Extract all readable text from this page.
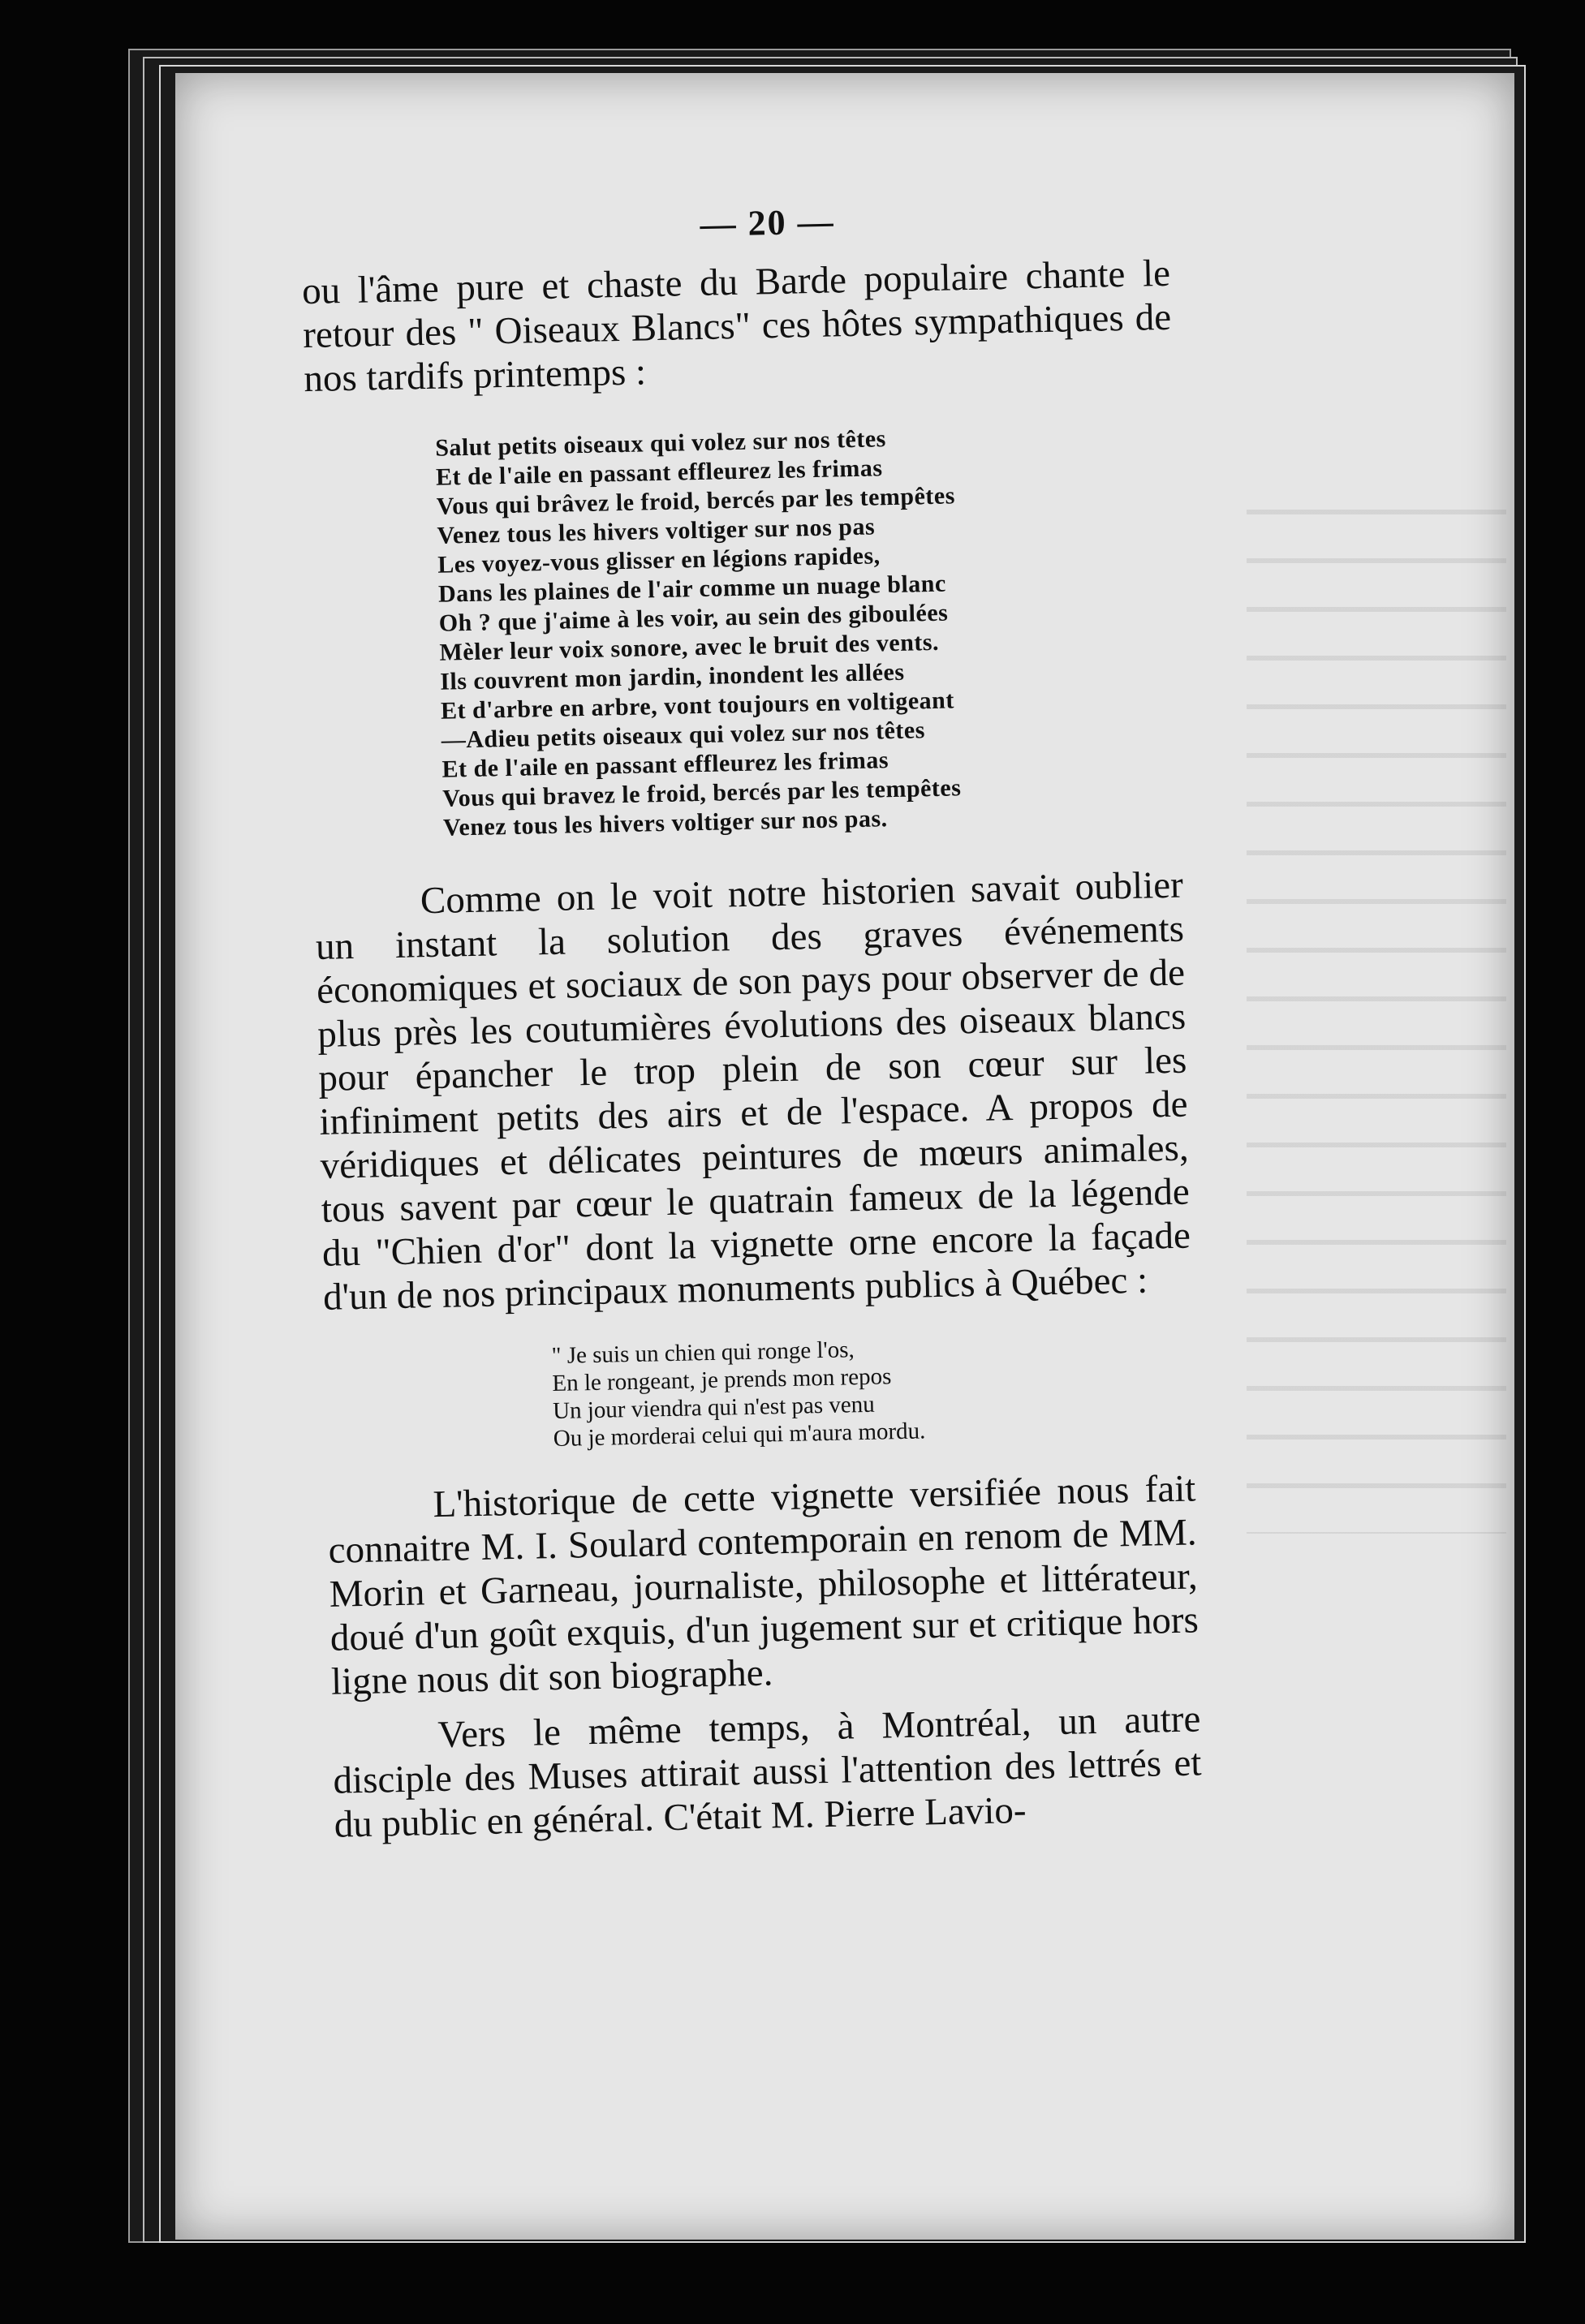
— 20 —

ou l'âme pure et chaste du Barde populaire chante le retour des " Oiseaux Blancs" ces hôtes sympathiques de nos tardifs printemps :

Salut petits oiseaux qui volez sur nos têtes
Et de l'aile en passant effleurez les frimas
Vous qui brâvez le froid, bercés par les tempêtes
Venez tous les hivers voltiger sur nos pas
Les voyez-vous glisser en légions rapides,
Dans les plaines de l'air comme un nuage blanc
Oh ? que j'aime à les voir, au sein des giboulées
Mèler leur voix sonore, avec le bruit des vents.
Ils couvrent mon jardin, inondent les allées
Et d'arbre en arbre, vont toujours en voltigeant
—Adieu petits oiseaux qui volez sur nos têtes
Et de l'aile en passant effleurez les frimas
Vous qui bravez le froid, bercés par les tempêtes
Venez tous les hivers voltiger sur nos pas.

Comme on le voit notre historien savait oublier un instant la solution des graves événements économiques et sociaux de son pays pour observer de de plus près les coutumières évolutions des oiseaux blancs pour épancher le trop plein de son cœur sur les infiniment petits des airs et de l'espace. A propos de véridiques et délicates peintures de mœurs animales, tous savent par cœur le quatrain fameux de la légende du "Chien d'or" dont la vignette orne encore la façade d'un de nos principaux monuments publics à Québec :

" Je suis un chien qui ronge l'os,
En le rongeant, je prends mon repos
Un jour viendra qui n'est pas venu
Ou je morderai celui qui m'aura mordu.

L'historique de cette vignette versifiée nous fait connaitre M. I. Soulard contemporain en renom de MM. Morin et Garneau, journaliste, philosophe et littérateur, doué d'un goût exquis, d'un jugement sur et critique hors ligne nous dit son biographe.

Vers le même temps, à Montréal, un autre disciple des Muses attirait aussi l'attention des lettrés et du public en général. C'était M. Pierre Lavio-
